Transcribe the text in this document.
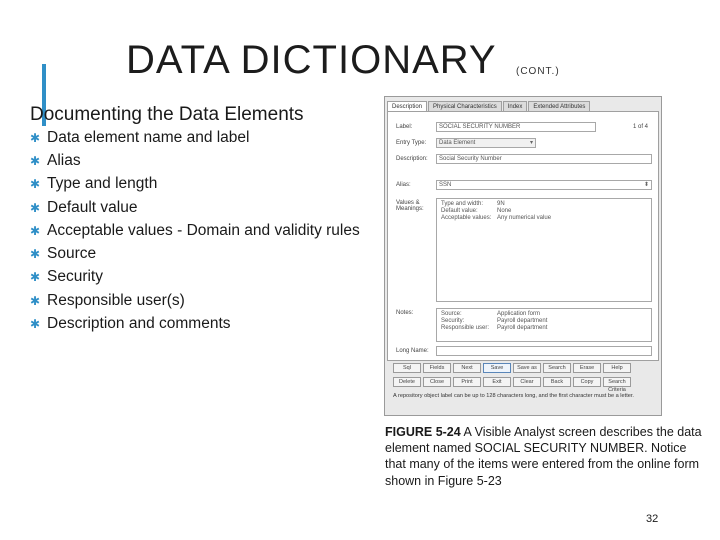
DATA DICTIONARY (CONT.)
Documenting the Data Elements
✱ Data element name and label
✱ Alias
✱ Type and length
✱ Default value
✱ Acceptable values - Domain and validity rules
✱ Source
✱ Security
✱ Responsible user(s)
✱ Description and comments
Description	Physical Characteristics	Index	Extended Attributes
Label:	SOCIAL SECURITY NUMBER	1 of 4
Entry Type:	Data Element	▾
Description:	Social Security Number
Alias:	SSN	⬍
Values & Meanings:
Type and width:	9N
Default value:	None
Acceptable values: Any numerical value
Notes:	Source:	Application form
Security:	Payroll department
Responsible user:	Payroll department
Long Name:
Sql	Fields	Next	Save	Save as	Search	Erase	Help
Delete	Close	Print	Exit	Clear	Back	Copy	Search Criteria
A repository object label can be up to 128 characters long, and the first character must be a letter.
FIGURE 5-24 A Visible Analyst screen describes the data element named SOCIAL SECURITY NUMBER. Notice that many of the items were entered from the online form shown in Figure 5-23
32
